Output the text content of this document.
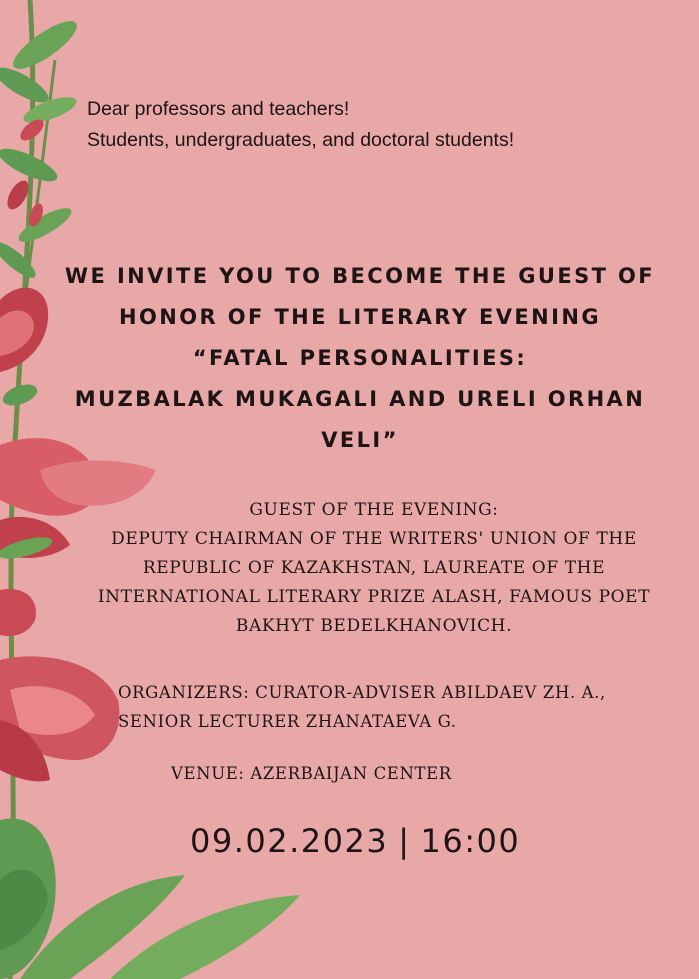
Dear professors and teachers!
Students, undergraduates, and doctoral students!
WE INVITE YOU TO BECOME THE GUEST OF
HONOR OF THE LITERARY EVENING
“FATAL PERSONALITIES:
MUZBALAK MUKAGALI AND URELI ORHAN
VELI”
GUEST OF THE EVENING:
DEPUTY CHAIRMAN OF THE WRITERS' UNION OF THE
REPUBLIC OF KAZAKHSTAN, LAUREATE OF THE
INTERNATIONAL LITERARY PRIZE ALASH, FAMOUS POET
BAKHYT BEDELKHANOVICH.
ORGANIZERS: CURATOR-ADVISER ABILDAEV ZH. A.,
SENIOR LECTURER ZHANATAEVA G.
VENUE: AZERBAIJAN CENTER
09.02.2023 | 16:00
